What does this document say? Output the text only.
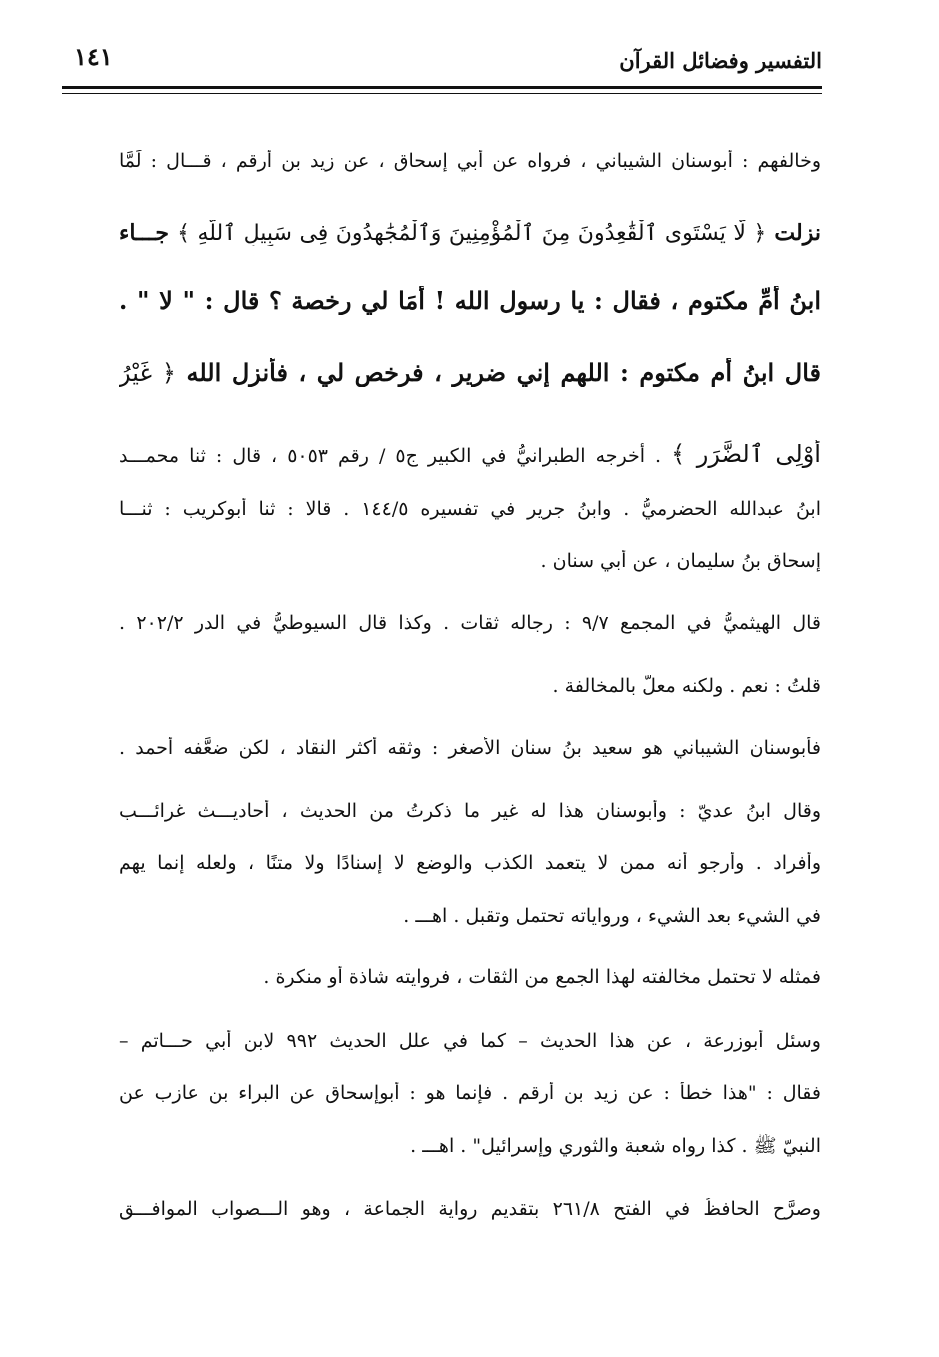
التفسير وفضائل القرآن
١٤١
وخالفهم : أبوسنان الشيباني ، فرواه عن أبي إسحاق ، عن زيد بن أرقم ، قـــال : لَمَّا
نزلت ﴿ لَّا يَسْتَوِى ٱلْقَٰعِدُونَ مِنَ ٱلْمُؤْمِنِينَ وَٱلْمُجَٰهِدُونَ فِى سَبِيلِ ٱللَّهِ ﴾ جـــاء
ابنُ أُمِّ مكتوم ، فقال : يا رسول الله ! أمَا لي رخصة ؟ قال : " لا " .
قال ابنُ أم مكتوم : اللهم إني ضرير ، فرخص لي ، فأنزل الله ﴿ غَيْرُ
أُوْلِى ٱلضَّرَرِ ﴾ . أخرجه الطبرانيُّ في الكبير ج٥ / رقم ٥٠٥٣ ، قال : ثنا محمـــد
ابنُ عبدالله الحضرميُّ . وابنُ جرير في تفسيره ١٤٤/٥ . قالا : ثنا أبوكريب : ثنـــا
إسحاق بنُ سليمان ، عن أبي سنان .
قال الهيثميُّ في المجمع ٩/٧ : رجاله ثقات . وكذا قال السيوطيُّ في الدر ٢٠٢/٢ .
قلتُ : نعم . ولكنه معلٌّ بالمخالفة .
فأبوسنان الشيباني هو سعيد بنُ سنان الأصغر : وثقه أكثر النقاد ، لكن ضعَّفه أحمد .
وقال ابنُ عديّ : وأبوسنان هذا له غير ما ذكرتُ من الحديث ، أحاديـــث غرائـــب
وأفراد . وأرجو أنه ممن لا يتعمد الكذب والوضع لا إسنادًا ولا متنًا ، ولعله إنما يهم
في الشيء بعد الشيء ، ورواياته تحتمل وتقبل . اهـــ .
فمثله لا تحتمل مخالفته لهذا الجمع من الثقات ، فروايته شاذة أو منكرة .
وسئل أبوزرعة ، عن هذا الحديث – كما في علل الحديث ٩٩٢ لابن أبي حـــاتم –
فقال : "هذا خطأ : عن زيد بن أرقم . فإنما هو : أبوإسحاق عن البراء بن عازب عن
النبيّ ﷺ . كذا رواه شعبة والثوري وإسرائيل" . اهـــ .
وصرَّح الحافظُ في الفتح ٢٦١/٨ بتقديم رواية الجماعة ، وهو الـــصواب الموافـــق
